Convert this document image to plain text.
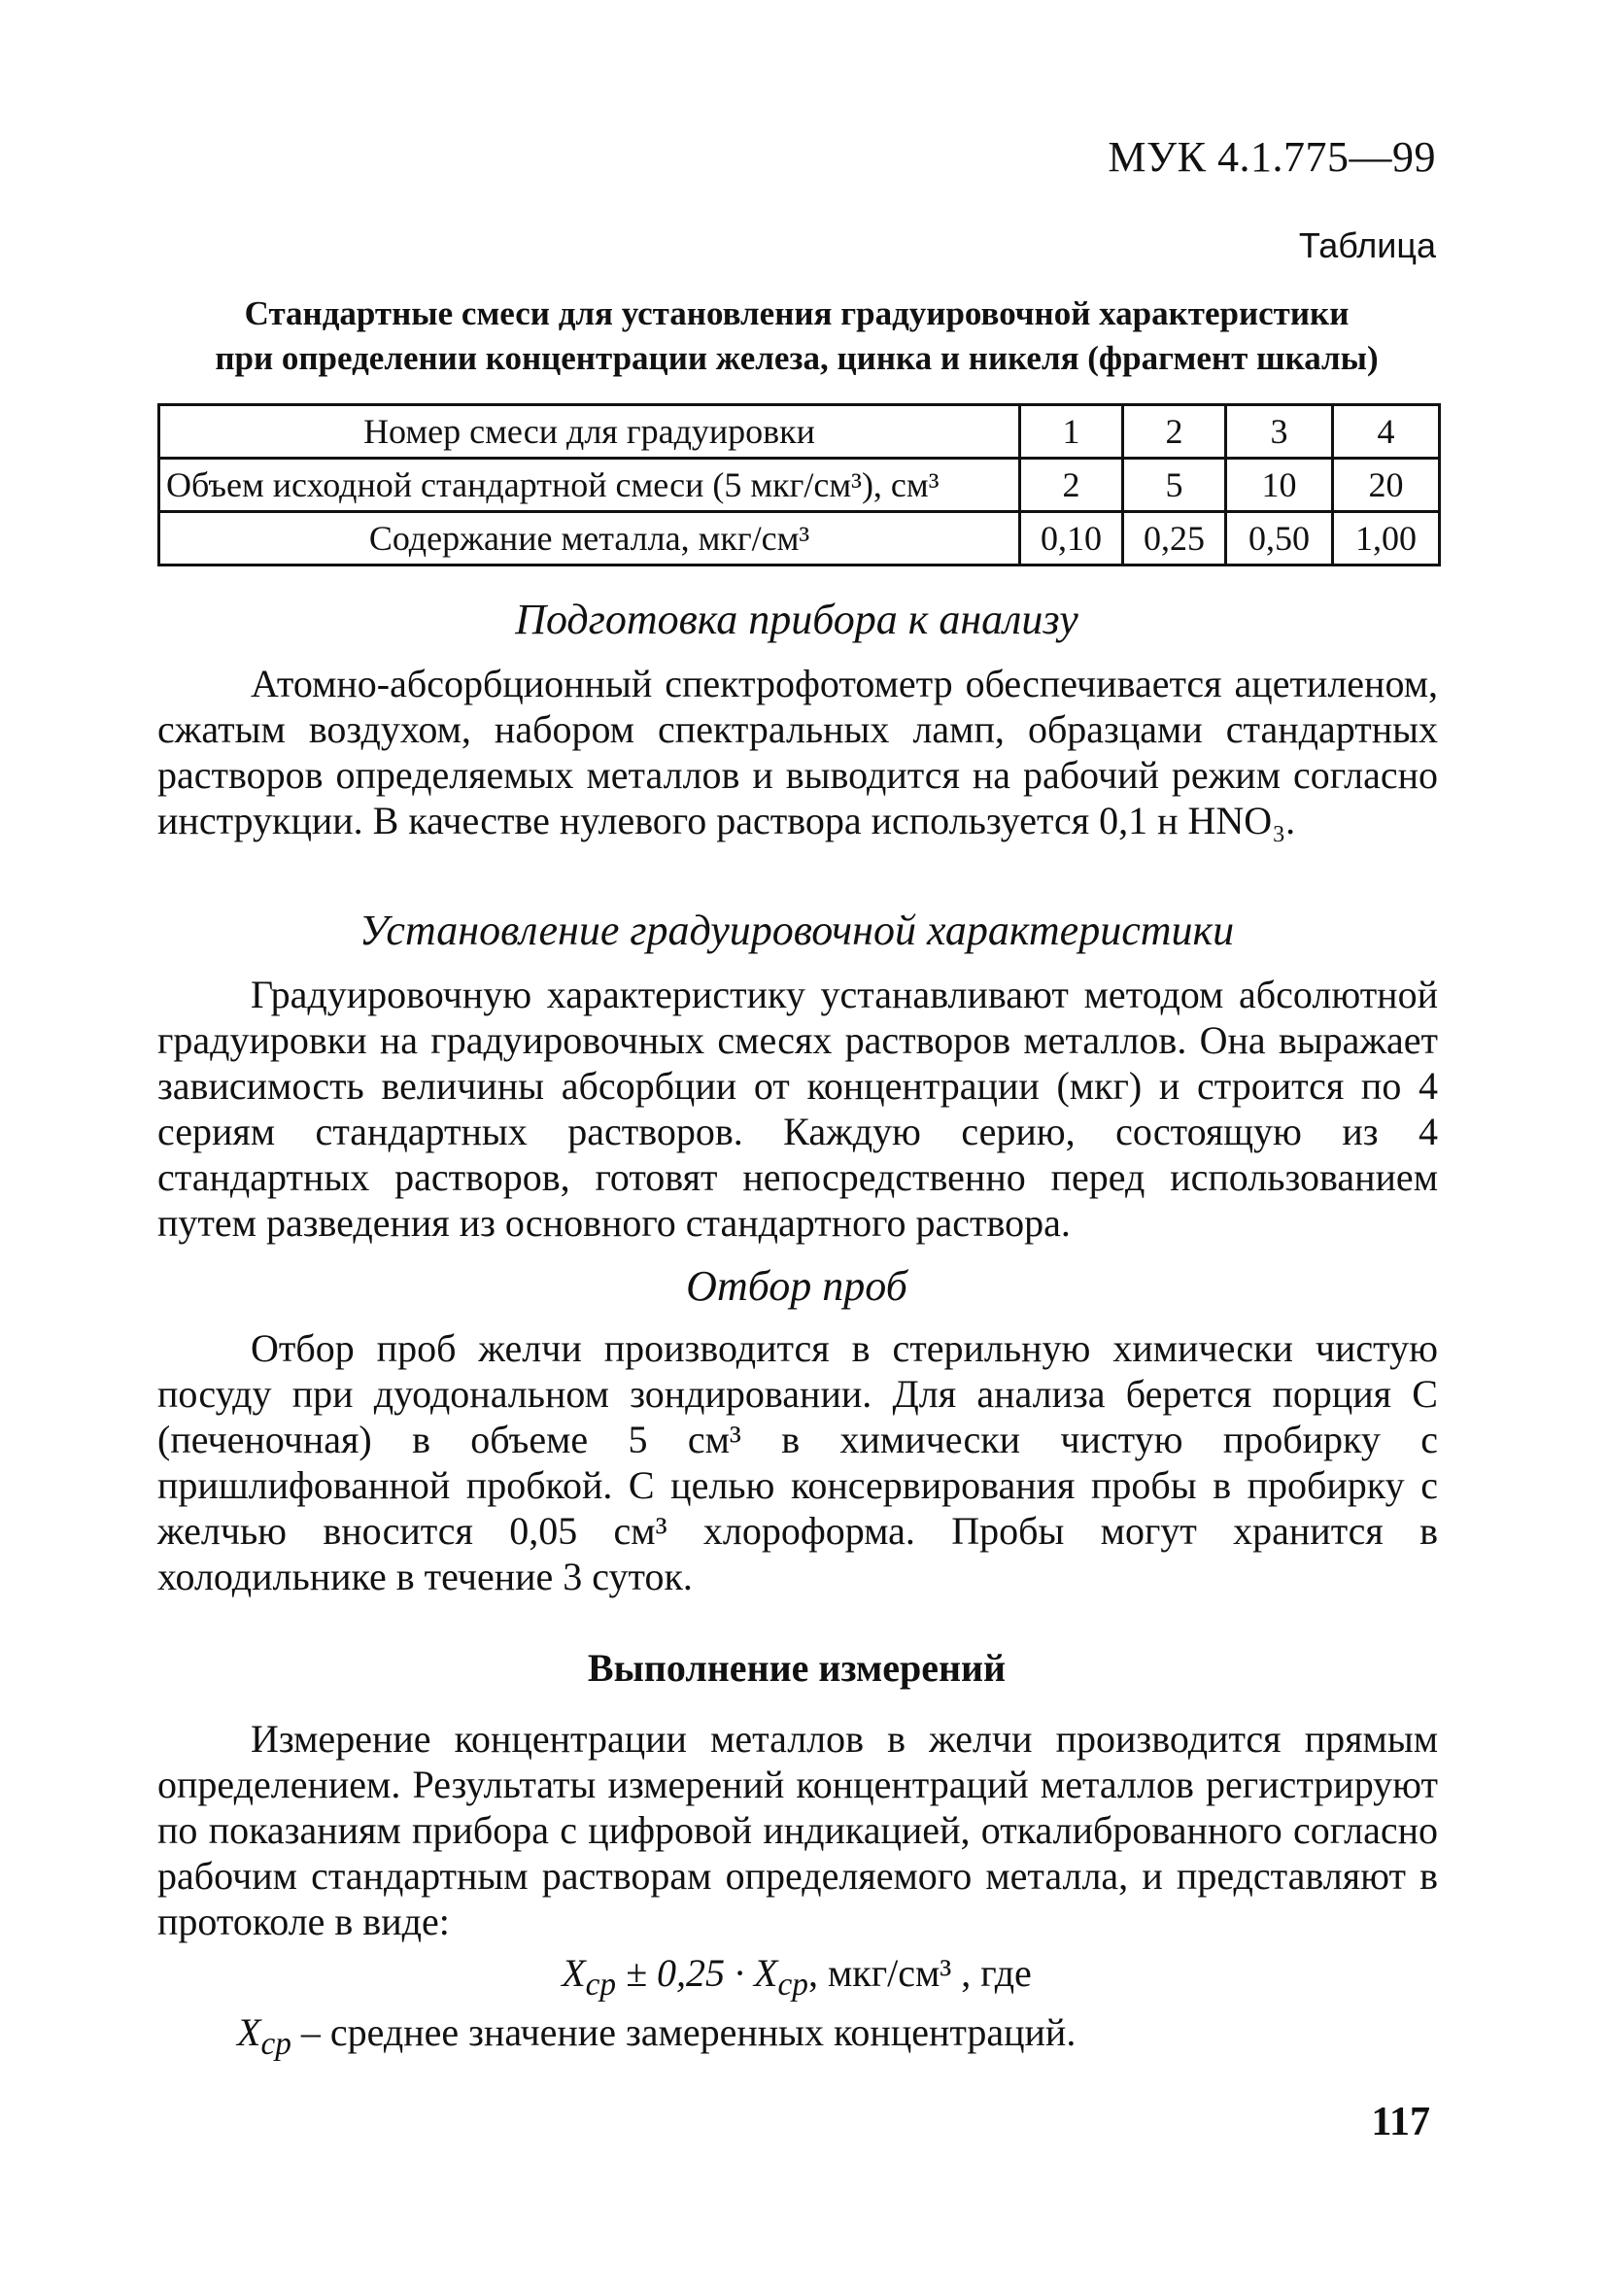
МУК 4.1.775—99
Таблица
Стандартные смеси для установления градуировочной характеристики
при определении концентрации железа, цинка и никеля (фрагмент шкалы)
Номер смеси для градуировки	1	2	3	4
Объем исходной стандартной смеси (5 мкг/см³), см³	2	5	10	20
Содержание металла, мкг/см³	0,10	0,25	0,50	1,00
Подготовка прибора к анализу

Атомно-абсорбционный спектрофотометр обеспечивается ацетиленом, сжатым воздухом, набором спектральных ламп, образцами стандартных растворов определяемых металлов и выводится на рабочий режим согласно инструкции. В качестве нулевого раствора используется 0,1 н HNO₃.

Установление градуировочной характеристики

Градуировочную характеристику устанавливают методом абсолютной градуировки на градуировочных смесях растворов металлов. Она выражает зависимость величины абсорбции от концентрации (мкг) и строится по 4 сериям стандартных растворов. Каждую серию, состоящую из 4 стандартных растворов, готовят непосредственно перед использованием путем разведения из основного стандартного раствора.

Отбор проб

Отбор проб желчи производится в стерильную химически чистую посуду при дуодональном зондировании. Для анализа берется порция С (печеночная) в объеме 5 см³ в химически чистую пробирку с пришлифованной пробкой. С целью консервирования пробы в пробирку с желчью вносится 0,05 см³ хлороформа. Пробы могут хранится в холодильнике в течение 3 суток.

Выполнение измерений

Измерение концентрации металлов в желчи производится прямым определением. Результаты измерений концентраций металлов регистрируют по показаниям прибора с цифровой индикацией, откалиброванного согласно рабочим стандартным растворам определяемого металла, и представляют в протоколе в виде:

$X_{ср} \pm 0,25 \cdot X_{ср}$, мкг/см³ , где
$X_{ср}$ – среднее значение замеренных концентраций.
117
